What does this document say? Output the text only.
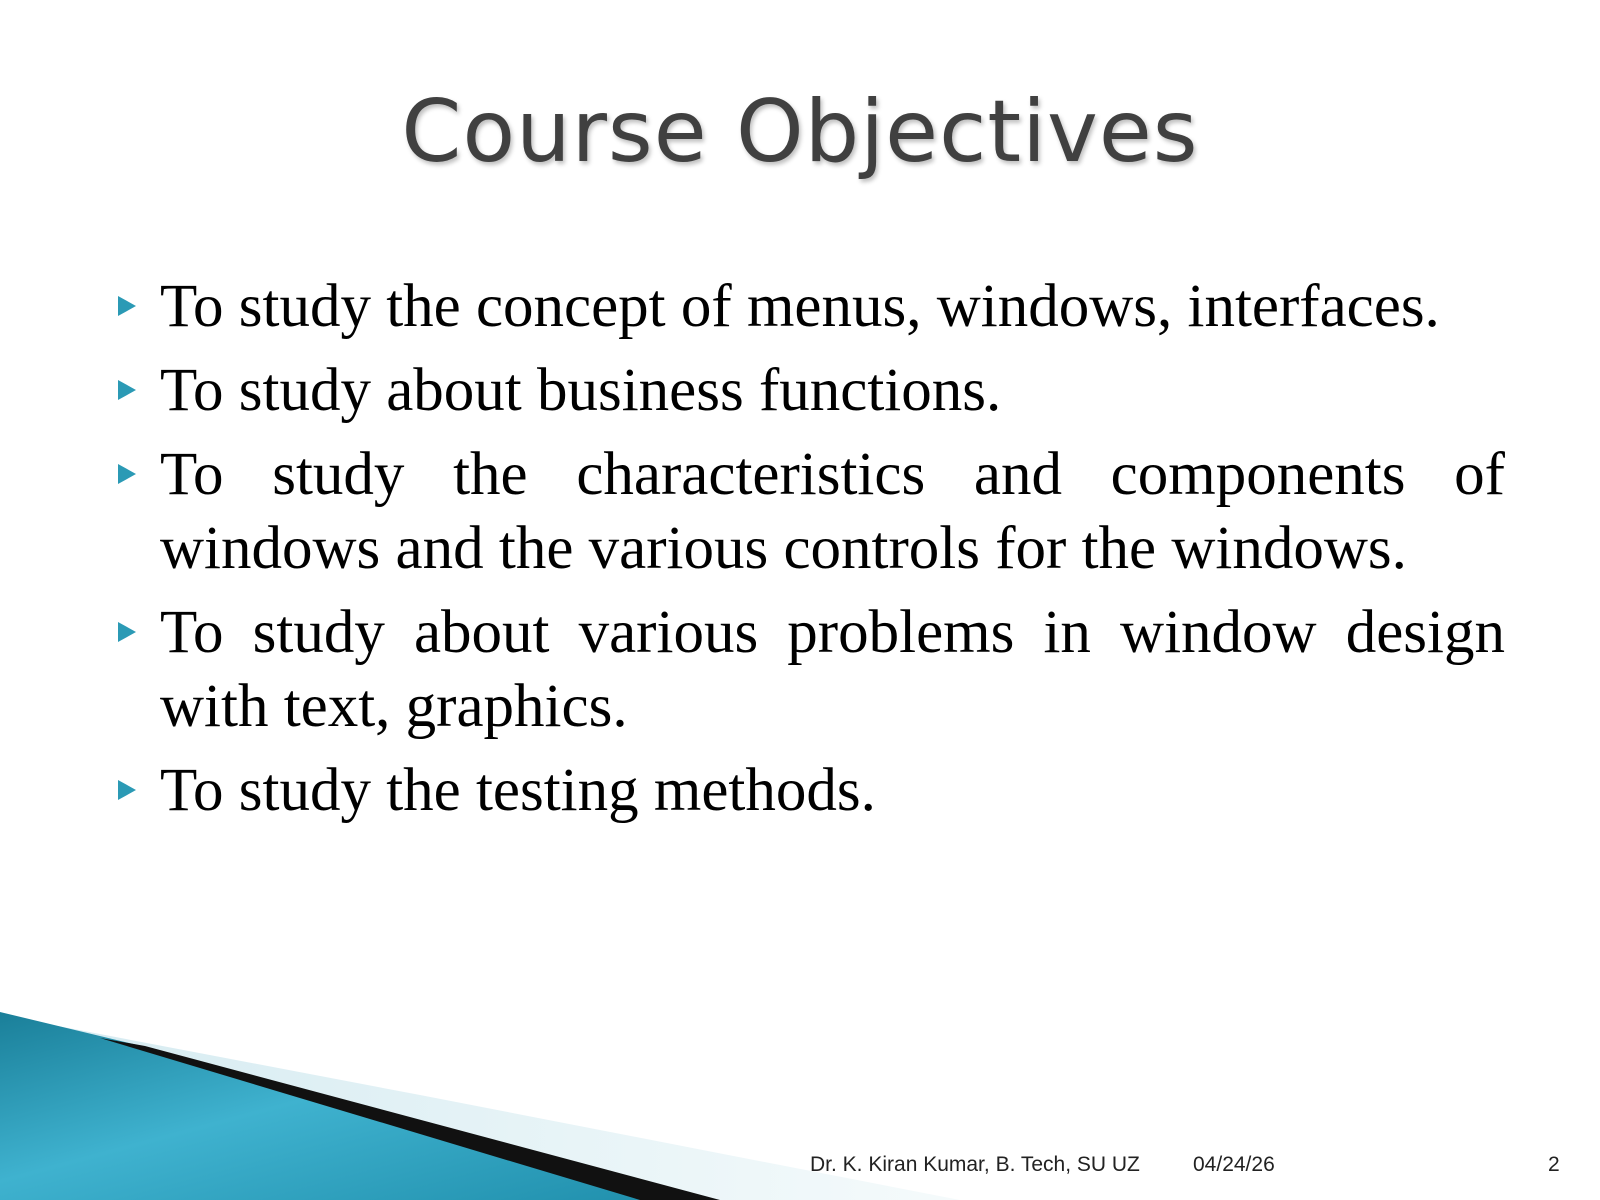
Course Objectives
To study the concept of menus, windows, interfaces.
To study about business functions.
To study the characteristics and components of windows and the various controls for the windows.
To study about various problems in window design with text, graphics.
To study the testing methods.
Dr. K. Kiran Kumar, B. Tech, SU UZ	04/24/26	2
